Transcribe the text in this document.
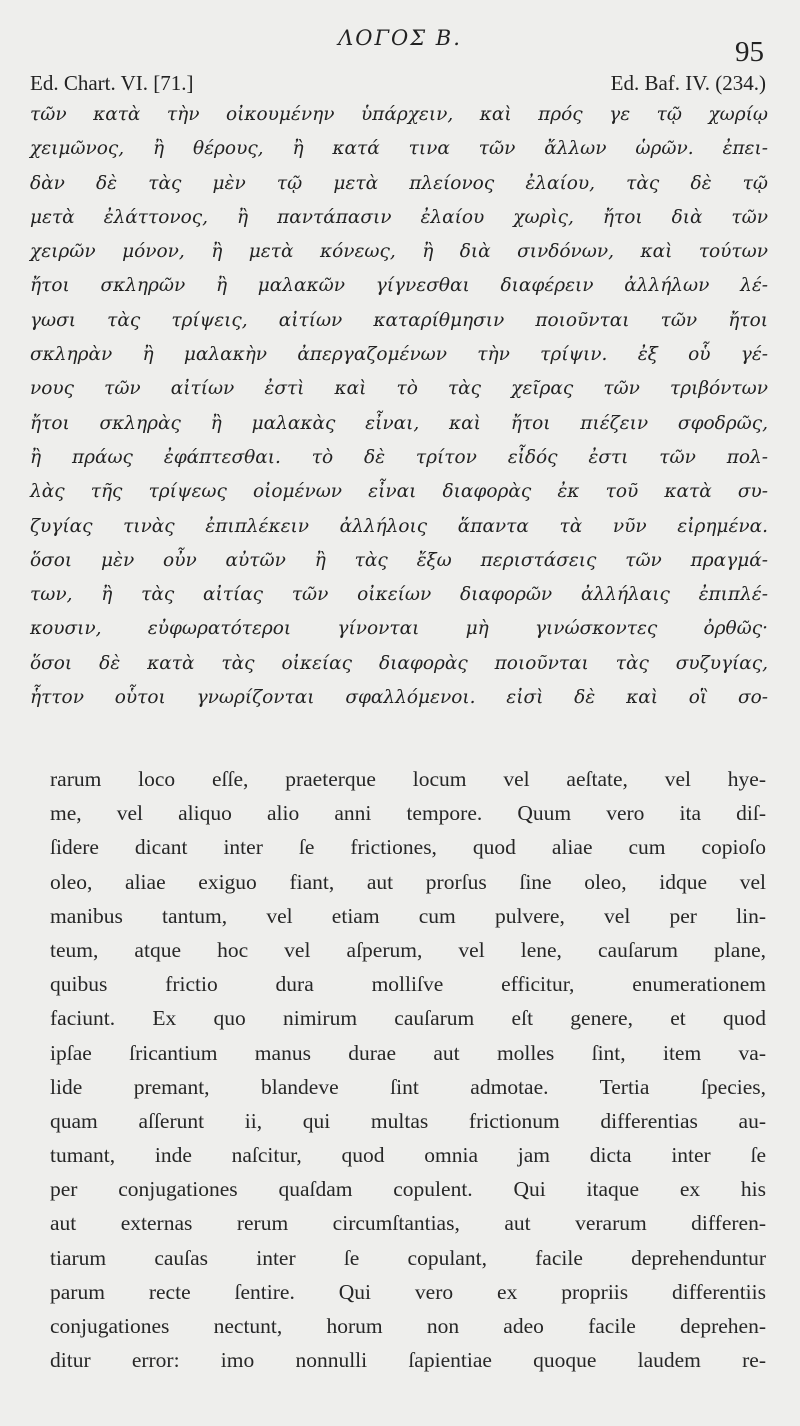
ΛΟΓΟΣ Β.	95
Ed. Chart. VI. [71.]	Ed. Baf. IV. (234.)
τῶν κατὰ τὴν οἰκουμένην ὑπάρχειν, καὶ πρός γε τῷ χωρίῳ
χειμῶνος, ἢ θέρους, ἢ κατά τινα τῶν ἄλλων ὡρῶν. ἐπει-
δὰν δὲ τὰς μὲν τῷ μετὰ πλείονος ἐλαίου, τὰς δὲ τῷ
μετὰ ἐλάττονος, ἢ παντάπασιν ἐλαίου χωρὶς, ἤτοι διὰ τῶν
χειρῶν μόνον, ἢ μετὰ κόνεως, ἢ διὰ σινδόνων, καὶ τούτων
ἤτοι σκληρῶν ἢ μαλακῶν γίγνεσθαι διαφέρειν ἀλλήλων λέ-
γωσι τὰς τρίψεις, αἰτίων καταρίθμησιν ποιοῦνται τῶν ἤτοι
σκληρὰν ἢ μαλακὴν ἀπεργαζομένων τὴν τρίψιν. ἐξ οὗ γέ-
νους τῶν αἰτίων ἐστὶ καὶ τὸ τὰς χεῖρας τῶν τριβόντων
ἤτοι σκληρὰς ἢ μαλακὰς εἶναι, καὶ ἤτοι πιέζειν σφοδρῶς,
ἢ πράως ἐφάπτεσθαι. τὸ δὲ τρίτον εἶδός ἐστι τῶν πολ-
λὰς τῆς τρίψεως οἰομένων εἶναι διαφορὰς ἐκ τοῦ κατὰ συ-
ζυγίας τινὰς ἐπιπλέκειν ἀλλήλοις ἅπαντα τὰ νῦν εἰρημένα.
ὅσοι μὲν οὖν αὐτῶν ἢ τὰς ἔξω περιστάσεις τῶν πραγμά-
των, ἢ τὰς αἰτίας τῶν οἰκείων διαφορῶν ἀλλήλαις ἐπιπλέ-
κουσιν, εὐφωρατότεροι γίνονται μὴ γινώσκοντες ὀρθῶς·
ὅσοι δὲ κατὰ τὰς οἰκείας διαφορὰς ποιοῦνται τὰς συζυγίας,
ἧττον οὗτοι γνωρίζονται σφαλλόμενοι. εἰσὶ δὲ καὶ οἳ σο-
rarum loco eſſe, praeterque locum vel aeſtate, vel hye-
me, vel aliquo alio anni tempore. Quum vero ita diſ-
ſidere dicant inter ſe frictiones, quod aliae cum copioſo
oleo, aliae exiguo fiant, aut prorſus ſine oleo, idque vel
manibus tantum, vel etiam cum pulvere, vel per lin-
teum, atque hoc vel aſperum, vel lene, cauſarum plane,
quibus frictio dura molliſve efficitur, enumerationem
faciunt. Ex quo nimirum cauſarum eſt genere, et quod
ipſae ſricantium manus durae aut molles ſint, item va-
lide premant, blandeve ſint admotae. Tertia ſpecies,
quam aſſerunt ii, qui multas frictionum differentias au-
tumant, inde naſcitur, quod omnia jam dicta inter ſe
per conjugationes quaſdam copulent. Qui itaque ex his
aut externas rerum circumſtantias, aut verarum differen-
tiarum cauſas inter ſe copulant, facile deprehenduntur
parum recte ſentire. Qui vero ex propriis differentiis
conjugationes nectunt, horum non adeo facile deprehen-
ditur error: imo nonnulli ſapientiae quoque laudem re-
